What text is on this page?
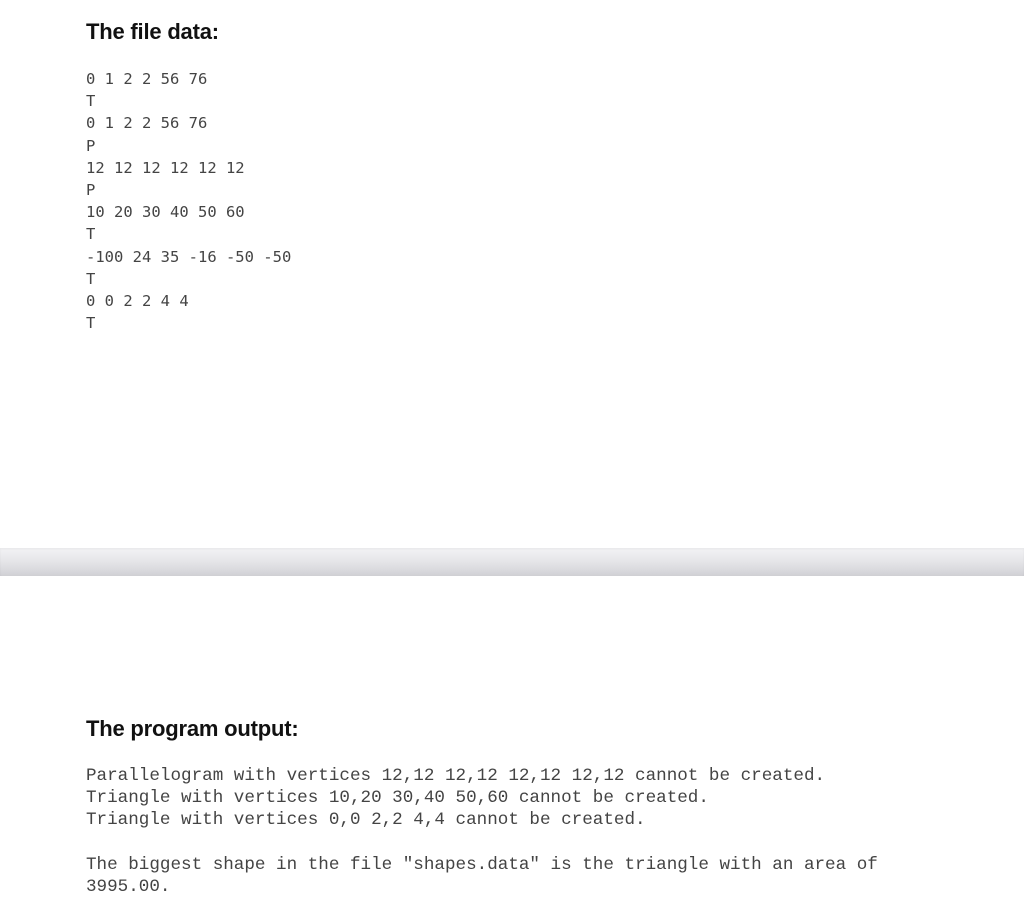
The file data:
0 1 2 2 56 76
T
0 1 2 2 56 76
P
12 12 12 12 12 12
P
10 20 30 40 50 60
T
-100 24 35 -16 -50 -50
T
0 0 2 2 4 4
T
The program output:
Parallelogram with vertices 12,12 12,12 12,12 12,12 cannot be created.
Triangle with vertices 10,20 30,40 50,60 cannot be created.
Triangle with vertices 0,0 2,2 4,4 cannot be created.
The biggest shape in the file "shapes.data" is the triangle with an area of
3995.00.
